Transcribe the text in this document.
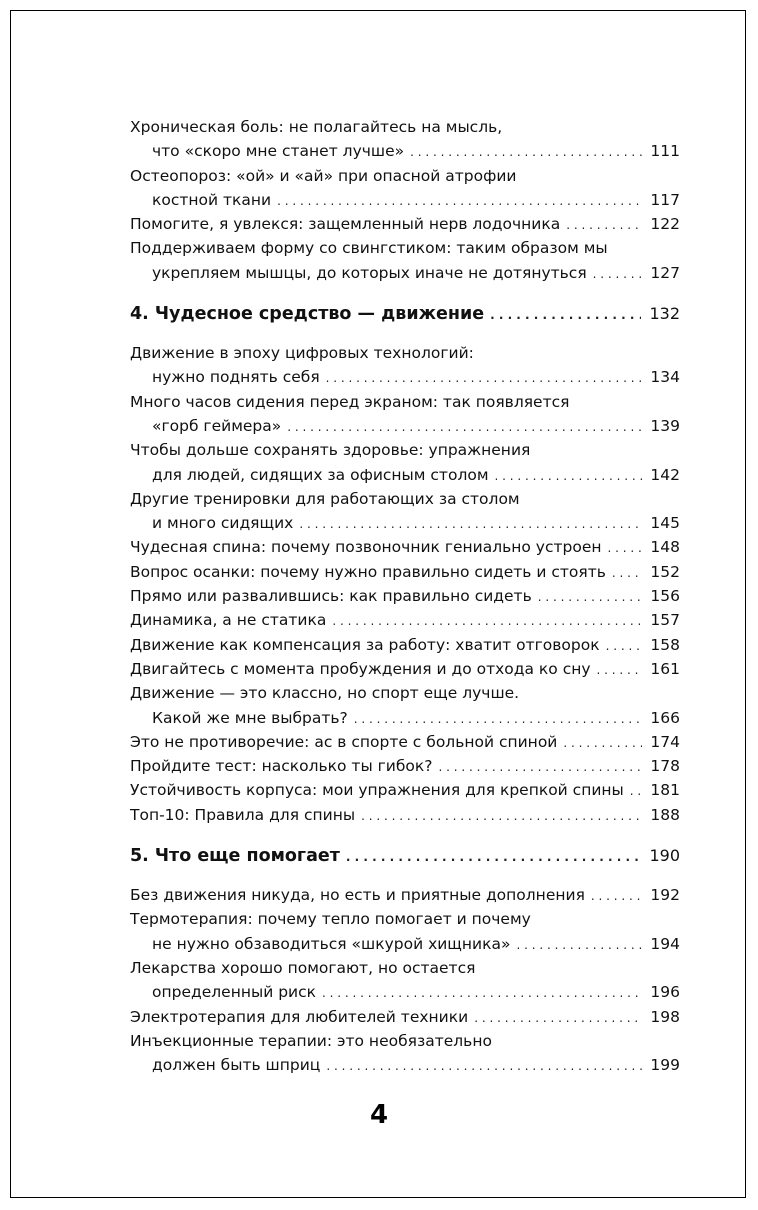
Хроническая боль: не полагайтесь на мысль,
что «скоро мне станет лучше» . . .	111
Остеопороз: «ой» и «ай» при опасной атрофии
костной ткани . . .	117
Помогите, я увлекся: защемленный нерв лодочника . . .	122
Поддерживаем форму со свингстиком: таким образом мы
укрепляем мышцы, до которых иначе не дотянуться . . .	127
4. Чудесное средство — движение . . .	132
Движение в эпоху цифровых технологий:
нужно поднять себя . . .	134
Много часов сидения перед экраном: так появляется
«горб геймера» . . .	139
Чтобы дольше сохранять здоровье: упражнения
для людей, сидящих за офисным столом . . .	142
Другие тренировки для работающих за столом
и много сидящих . . .	145
Чудесная спина: почему позвоночник гениально устроен . . .	148
Вопрос осанки: почему нужно правильно сидеть и стоять . . .	152
Прямо или развалившись: как правильно сидеть . . .	156
Динамика, а не статика . . .	157
Движение как компенсация за работу: хватит отговорок . . .	158
Двигайтесь с момента пробуждения и до отхода ко сну . . .	161
Движение — это классно, но спорт еще лучше.
Какой же мне выбрать? . . .	166
Это не противоречие: ас в спорте с больной спиной . . .	174
Пройдите тест: насколько ты гибок? . . .	178
Устойчивость корпуса: мои упражнения для крепкой спины . . . 181
Топ-10: Правила для спины . . .	188
5. Что еще помогает . . .	190
Без движения никуда, но есть и приятные дополнения . . .	192
Термотерапия: почему тепло помогает и почему
не нужно обзаводиться «шкурой хищника» . . .	194
Лекарства хорошо помогают, но остается
определенный риск . . .	196
Электротерапия для любителей техники . . .	198
Инъекционные терапии: это необязательно
должен быть шприц . . .	199
4
